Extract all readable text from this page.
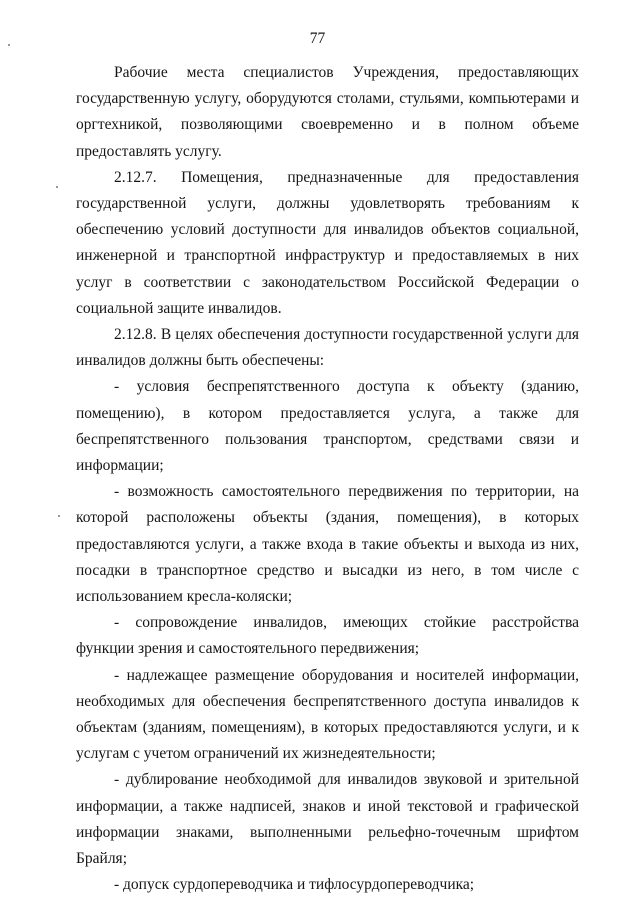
77

Рабочие места специалистов Учреждения, предоставляющих государственную услугу, оборудуются столами, стульями, компьютерами и оргтехникой, позволяющими своевременно и в полном объеме предоставлять услугу.

2.12.7. Помещения, предназначенные для предоставления государственной услуги, должны удовлетворять требованиям к обеспечению условий доступности для инвалидов объектов социальной, инженерной и транспортной инфраструктур и предоставляемых в них услуг в соответствии с законодательством Российской Федерации о социальной защите инвалидов.

2.12.8. В целях обеспечения доступности государственной услуги для инвалидов должны быть обеспечены:

- условия беспрепятственного доступа к объекту (зданию, помещению), в котором предоставляется услуга, а также для беспрепятственного пользования транспортом, средствами связи и информации;

- возможность самостоятельного передвижения по территории, на которой расположены объекты (здания, помещения), в которых предоставляются услуги, а также входа в такие объекты и выхода из них, посадки в транспортное средство и высадки из него, в том числе с использованием кресла-коляски;

- сопровождение инвалидов, имеющих стойкие расстройства функции зрения и самостоятельного передвижения;

- надлежащее размещение оборудования и носителей информации, необходимых для обеспечения беспрепятственного доступа инвалидов к объектам (зданиям, помещениям), в которых предоставляются услуги, и к услугам с учетом ограничений их жизнедеятельности;

- дублирование необходимой для инвалидов звуковой и зрительной информации, а также надписей, знаков и иной текстовой и графической информации знаками, выполненными рельефно-точечным шрифтом Брайля;

- допуск сурдопереводчика и тифлосурдопереводчика;
